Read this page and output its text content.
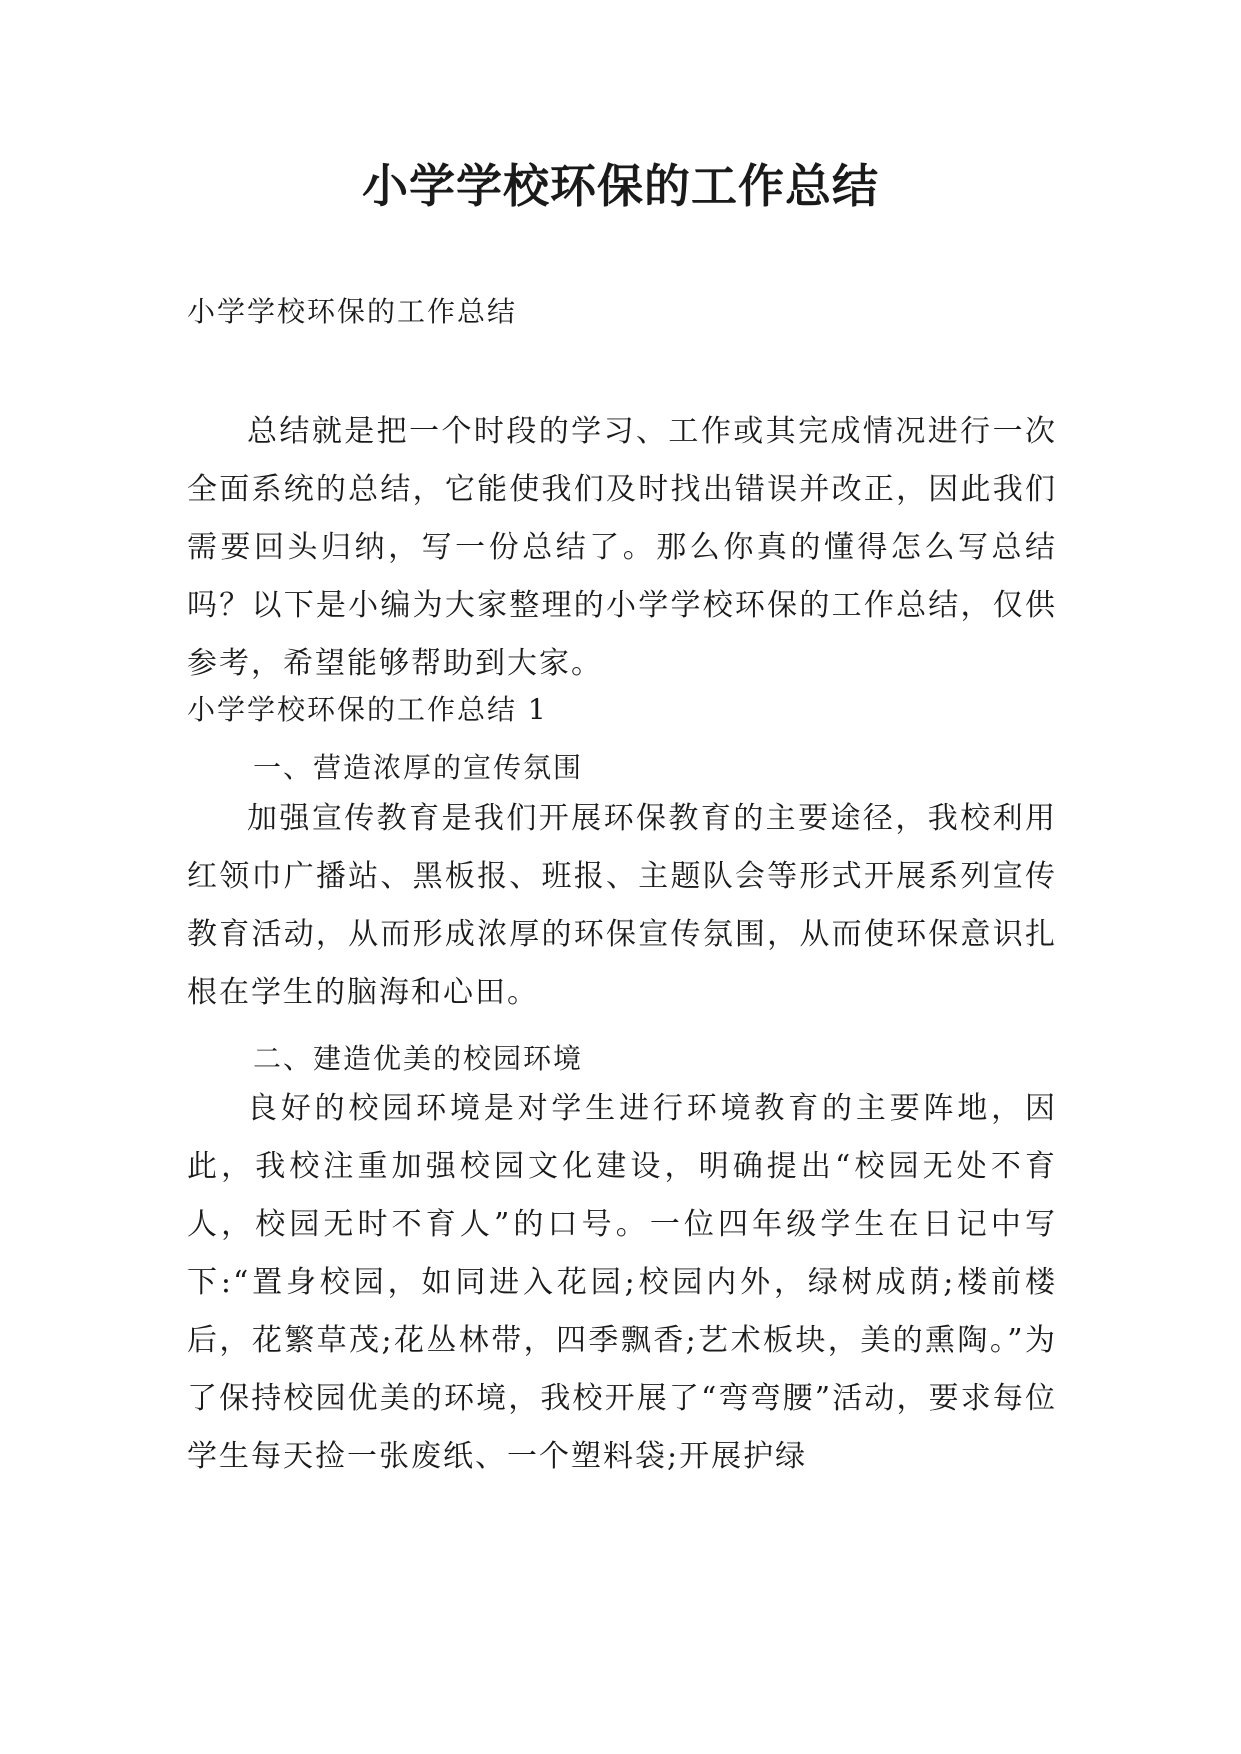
小学学校环保的工作总结

小学学校环保的工作总结

总结就是把一个时段的学习、工作或其完成情况进行一次全面系统的总结，它能使我们及时找出错误并改正，因此我们需要回头归纳，写一份总结了。那么你真的懂得怎么写总结吗？以下是小编为大家整理的小学学校环保的工作总结，仅供参考，希望能够帮助到大家。

小学学校环保的工作总结 1

一、营造浓厚的宣传氛围

加强宣传教育是我们开展环保教育的主要途径，我校利用红领巾广播站、黑板报、班报、主题队会等形式开展系列宣传教育活动，从而形成浓厚的环保宣传氛围，从而使环保意识扎根在学生的脑海和心田。

二、建造优美的校园环境

良好的校园环境是对学生进行环境教育的主要阵地，因此，我校注重加强校园文化建设，明确提出“校园无处不育人，校园无时不育人”的口号。一位四年级学生在日记中写下:“置身校园，如同进入花园;校园内外，绿树成荫;楼前楼后，花繁草茂;花丛林带，四季飘香;艺术板块，美的熏陶。”为了保持校园优美的环境，我校开展了“弯弯腰”活动，要求每位学生每天捡一张废纸、一个塑料袋;开展护绿
